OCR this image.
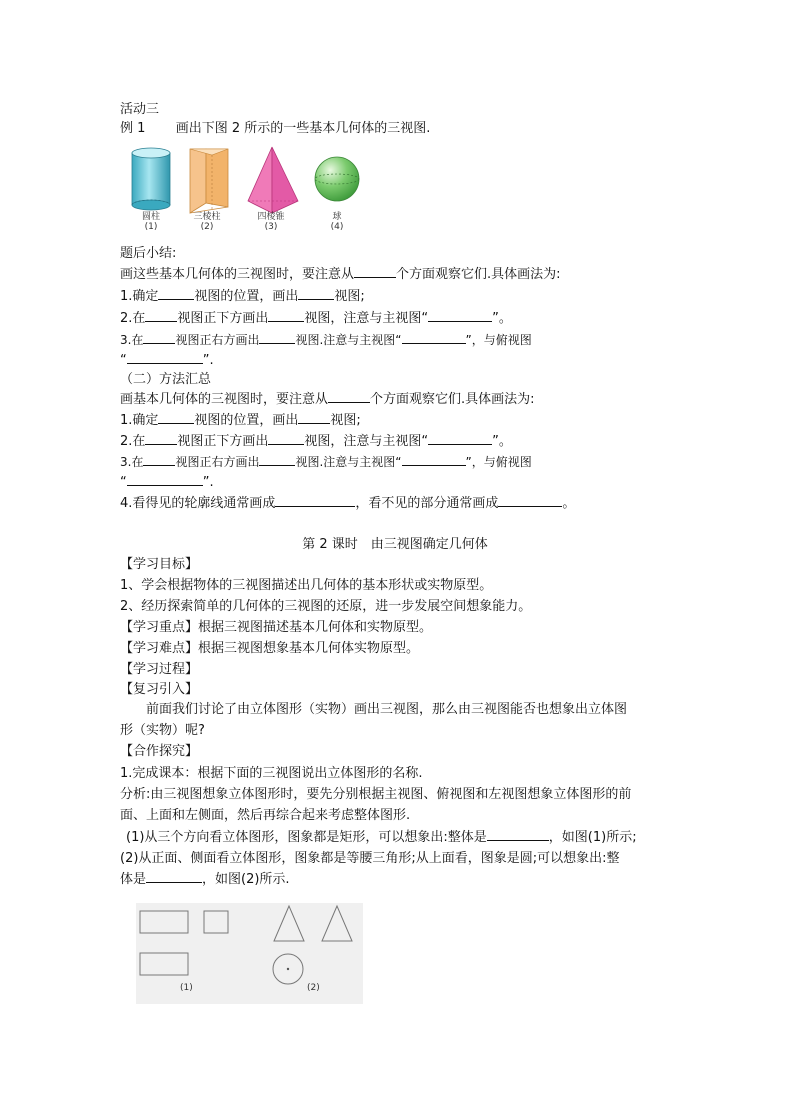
活动三
例 1 画出下图 2 所示的一些基本几何体的三视图.
圆柱
(1)
三棱柱
(2)
四棱锥
(3)
球
(4)
题后小结:
画这些基本几何体的三视图时，要注意从	个方面观察它们.具体画法为:
1.确定	视图的位置，画出	视图;
2.在 视图正下方画出	视图，注意与主视图“	”。
3.在	视图正右方画出	视图.注意与主视图“	”，与俯视图
“	”.
（二）方法汇总
画基本几何体的三视图时，要注意从	个方面观察它们.具体画法为:
1.确定	视图的位置，画出 视图;
2.在 视图正下方画出	视图，注意与主视图“	”。
3.在	视图正右方画出	视图.注意与主视图“	”，与俯视图
“	”.
4.看得见的轮廓线通常画成	，看不见的部分通常画成	。
第 2 课时　由三视图确定几何体
【学习目标】
1、学会根据物体的三视图描述出几何体的基本形状或实物原型。
2、经历探索简单的几何体的三视图的还原，进一步发展空间想象能力。
【学习重点】根据三视图描述基本几何体和实物原型。
【学习难点】根据三视图想象基本几何体实物原型。
【学习过程】
【复习引入】
前面我们讨论了由立体图形（实物）画出三视图，那么由三视图能否也想象出立体图
形（实物）呢?
【合作探究】
1.完成课本：根据下面的三视图说出立体图形的名称.
分析:由三视图想象立体图形时，要先分别根据主视图、俯视图和左视图想象立体图形的前
面、上面和左侧面，然后再综合起来考虑整体图形.
(1)从三个方向看立体图形，图象都是矩形，可以想象出:整体是	，如图(1)所示;
(2)从正面、侧面看立体图形，图象都是等腰三角形;从上面看，图象是圆;可以想象出:整
体是	，如图(2)所示.
(1)	(2)
